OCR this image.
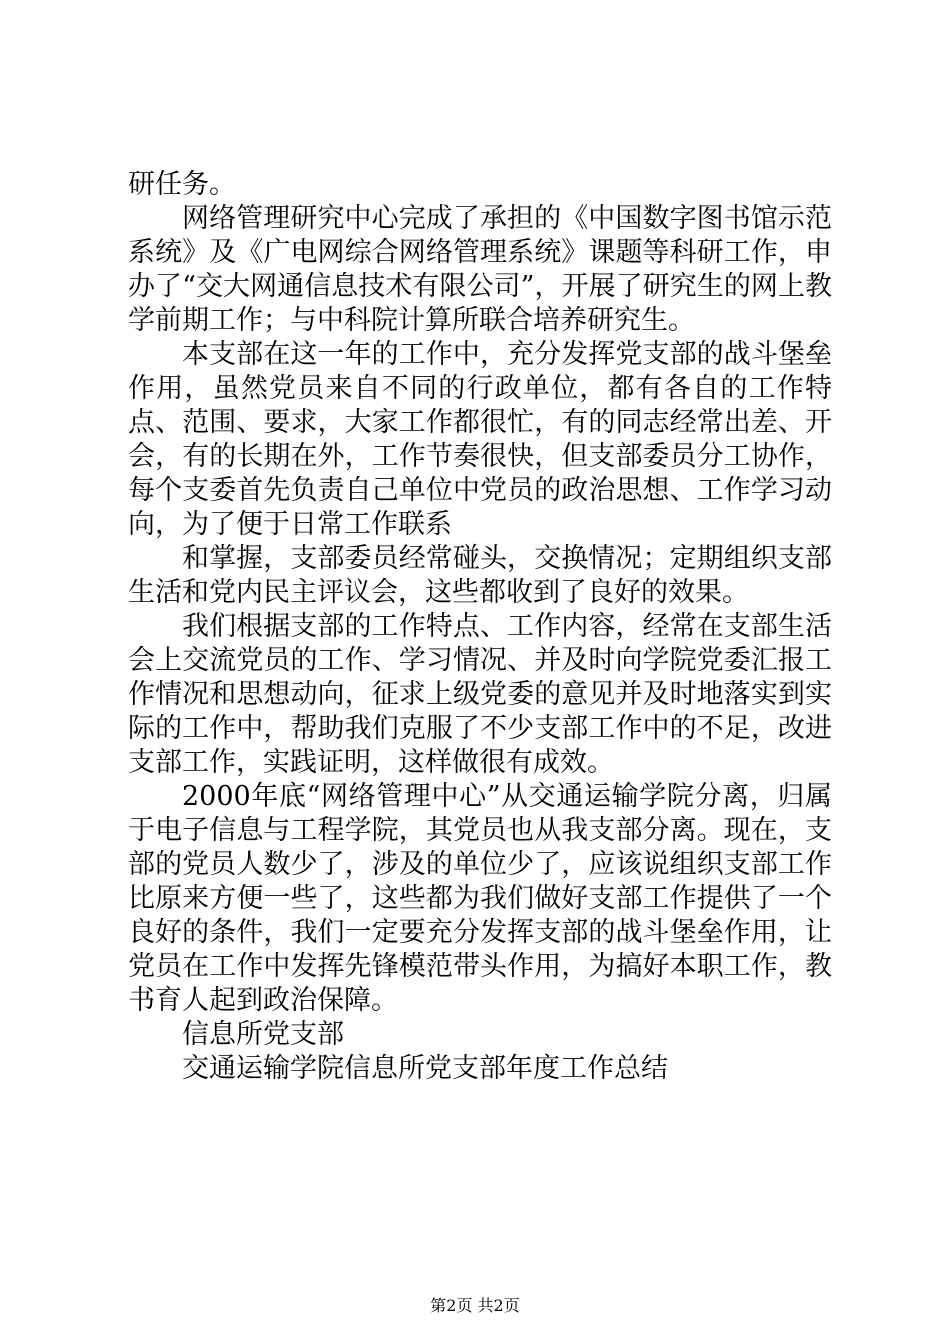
研任务。

网络管理研究中心完成了承担的《中国数字图书馆示范系统》及《广电网综合网络管理系统》课题等科研工作，申办了“交大网通信息技术有限公司”，开展了研究生的网上教学前期工作；与中科院计算所联合培养研究生。

本支部在这一年的工作中，充分发挥党支部的战斗堡垒作用，虽然党员来自不同的行政单位，都有各自的工作特点、范围、要求，大家工作都很忙，有的同志经常出差、开会，有的长期在外，工作节奏很快，但支部委员分工协作，每个支委首先负责自己单位中党员的政治思想、工作学习动向，为了便于日常工作联系

和掌握，支部委员经常碰头，交换情况；定期组织支部生活和党内民主评议会，这些都收到了良好的效果。

我们根据支部的工作特点、工作内容，经常在支部生活会上交流党员的工作、学习情况、并及时向学院党委汇报工作情况和思想动向，征求上级党委的意见并及时地落实到实际的工作中，帮助我们克服了不少支部工作中的不足，改进支部工作，实践证明，这样做很有成效。

2000年底“网络管理中心”从交通运输学院分离，归属于电子信息与工程学院，其党员也从我支部分离。现在，支部的党员人数少了，涉及的单位少了，应该说组织支部工作比原来方便一些了，这些都为我们做好支部工作提供了一个良好的条件，我们一定要充分发挥支部的战斗堡垒作用，让党员在工作中发挥先锋模范带头作用，为搞好本职工作，教书育人起到政治保障。

信息所党支部

交通运输学院信息所党支部年度工作总结

第2页 共2页
